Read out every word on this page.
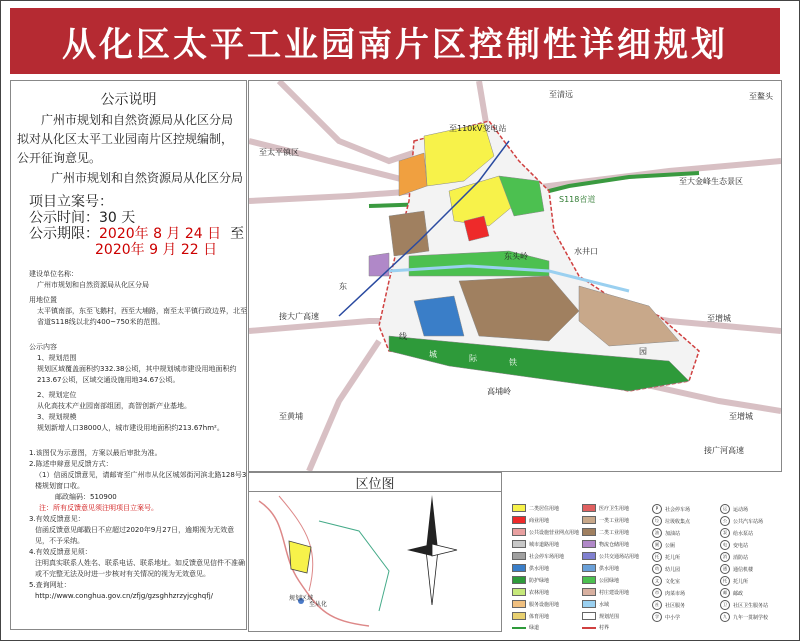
从化区太平工业园南片区控制性详细规划
公示说明
广州市规划和自然资源局从化区分局拟对从化区太平工业园南片区控规编制，公开征询意见。
广州市规划和自然资源局从化区分局
项目立案号：
公示时间：30 天
公示期限：2020年 8 月 24 日 至
2020年 9 月 22 日
建设单位名称：
广州市规划和自然资源局从化区分局
用地位置
太平镇南部，东至飞鹅村，西至大埔路，南至太平镇行政边界，北至省道S118线以北约400~750米的范围。
公示内容
1、规划范围
规划区域覆盖面积约332.38公顷，其中规划城市建设用地面积约213.67公顷，区域交通设施用地34.67公顷。
2、规划定位
从化高技术产业园南部组团，高智创新产业基地。
3、规划规模
规划新增人口38000人，城市建设用地面积约213.67hm²。
1.该图仅为示意图，方案以最后审批为准。
2.陈述申辩意见反馈方式：
（1）信函反馈意见，请邮寄至广州市从化区城郊街河滨北路128号3楼规划窗口收。
邮政编码：510900
注：所有反馈意见须注明项目立案号。
3.有效反馈意见：
信函反馈意见邮戳日不应超过2020年9月27日，逾期视为无效意见，不予采纳。
4.有效反馈意见须：
注明真实联系人姓名、联系电话、联系地址。如反馈意见信件不准确或不完整无法及时进一步核对有关情况的视为无效意见。
5.查询网址：
http://www.conghua.gov.cn/zfjg/gzsghhzrzyjcghqfj/
至清远
至110kV变电站
至太平镇区
至大金峰生态景区
S118省道
水井口
东头岭
东
接大广高速	至增城
线
城	际	铁
园
高埔岭
至黄埔
接广河高速
至鳌头
至增城
区位图
规划区域
至从化
二类居住用地
商业用地
公共设施营业网点用地
城市道路用地
社会停车场用地
供水用地
防护绿地
农林用地
服务设施用地
体育用地
医疗卫生用地
一类工业用地
二类工业用地
物流仓储用地
公共交通场站用地
供水用地
公园绿地
村庄建设用地
水域
规划范围
P	社会停车场
垃	垃圾收集点
油	加油站
厕	公厕
托	托儿所
幼	幼儿园
文	文化室
市	肉菜市场
社	社区服务
学	中小学
运	运动场
公	公共汽车站场
泵	给水泵站
电	变电站
消	消防站
通	通信机楼
托	托儿所
邮	邮政
卫	社区卫生服务站
九	九年一贯制学校
绿道	村界
